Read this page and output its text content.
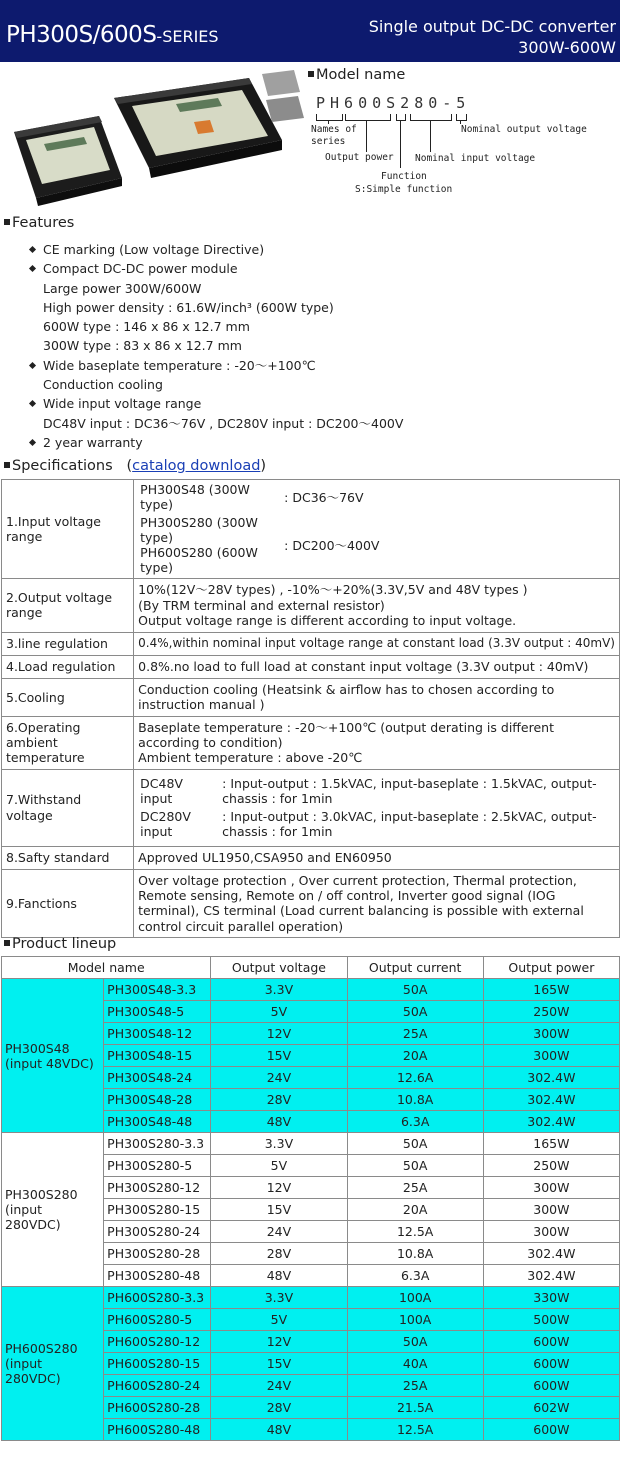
PH300S/600S-SERIES
Single output DC-DC converter
300W-600W
Model name
PH600S280-5
Names of series
Output power
Function
S:Simple function
Nominal input voltage
Nominal output voltage
Features
CE marking (Low voltage Directive)
Compact DC-DC power module
Large power 300W/600W
High power density : 61.6W/inch³ (600W type)
600W type : 146 x 86 x 12.7 mm
300W type : 83 x 86 x 12.7 mm
Wide baseplate temperature : -20～+100℃
Conduction cooling
Wide input voltage range
DC48V input : DC36～76V , DC280V input : DC200～400V
2 year warranty
Specifications (catalog download)
1.Input voltage range	
PH300S48 (300W type)	: DC36～76V

PH300S280 (300W type)
PH600S280 (600W type)
	: DC200～400V

2.Output voltage range	10%(12V～28V types) , -10%～+20%(3.3V,5V and 48V types )
(By TRM terminal and external resistor)
Output voltage range is different according to input voltage.
3.line regulation	0.4%,within nominal input voltage range at constant load (3.3V output : 40mV)
4.Load regulation	0.8%.no load to full load at constant input voltage (3.3V output : 40mV)
5.Cooling	Conduction cooling (Heatsink & airflow has to chosen according to instruction manual )
6.Operating ambient temperature	Baseplate temperature : -20～+100℃ (output derating is different according to condition)
Ambient temperature : above -20℃
7.Withstand voltage	
DC48V input	: Input-output : 1.5kVAC, input-baseplate : 1.5kVAC, output-chassis : for 1min
DC280V input	: Input-output : 3.0kVAC, input-baseplate : 2.5kVAC, output-chassis : for 1min

8.Safty standard	Approved UL1950,CSA950 and EN60950
9.Fanctions	Over voltage protection , Over current protection, Thermal protection, Remote sensing, Remote on / off control, Inverter good signal (IOG terminal), CS terminal (Load current balancing is possible with external control circuit parallel operation)
Product lineup
Model name		Output voltage	Output current	Output power
PH300S48
(input 48VDC)	PH300S48-3.3	3.3V	50A	165W
	PH300S48-5	5V	50A	250W
	PH300S48-12	12V	25A	300W
	PH300S48-15	15V	20A	300W
	PH300S48-24	24V	12.6A	302.4W
	PH300S48-28	28V	10.8A	302.4W
	PH300S48-48	48V	6.3A	302.4W
PH300S280
(input 280VDC)	PH300S280-3.3	3.3V	50A	165W
	PH300S280-5	5V	50A	250W
	PH300S280-12	12V	25A	300W
	PH300S280-15	15V	20A	300W
	PH300S280-24	24V	12.5A	300W
	PH300S280-28	28V	10.8A	302.4W
	PH300S280-48	48V	6.3A	302.4W
PH600S280
(input 280VDC)	PH600S280-3.3	3.3V	100A	330W
	PH600S280-5	5V	100A	500W
	PH600S280-12	12V	50A	600W
	PH600S280-15	15V	40A	600W
	PH600S280-24	24V	25A	600W
	PH600S280-28	28V	21.5A	602W
	PH600S280-48	48V	12.5A	600W
